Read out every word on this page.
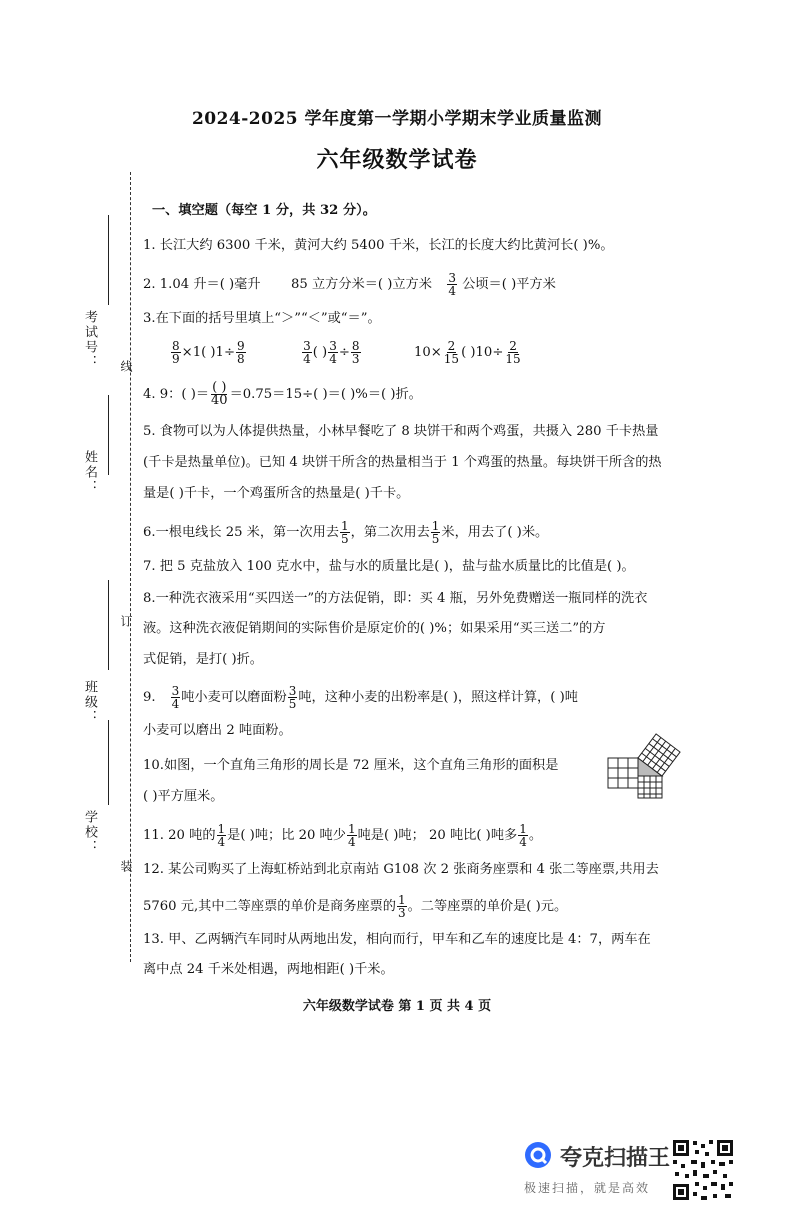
2024-2025 学年度第一学期小学期末学业质量监测
六年级数学试卷
考试号：
姓名：
班级：
学校：
线
订
装
一、填空题（每空 1 分，共 32 分）。
1. 长江大约 6300 千米，黄河大约 5400 千米，长江的长度大约比黄河长( )%。
2. 1.04 升＝( )毫升 85 立方分米＝( )立方米 $\frac{3}{4}$ 公顷＝( )平方米
3.在下面的括号里填上“＞”“＜”或“＝”。
$\frac{8}{9} \times 1$( )$1\div \frac{9}{8}$
	$\frac{3}{4}$ ( ) $\frac{3}{4} \div \frac{8}{3}$	$10\times \frac{2}{15}$ ( )$10\div \frac{2}{15}$
4. 9：( )＝ $\frac{( )}{40} =0.75=15\div$( )＝( )%＝( )折。
5. 食物可以为人体提供热量，小林早餐吃了 8 块饼干和两个鸡蛋，共摄入 280 千卡热量
(千卡是热量单位)。已知 4 块饼干所含的热量相当于 1 个鸡蛋的热量。每块饼干所含的热
量是( )千卡，一个鸡蛋所含的热量是( )千卡。
6.一根电线长 25 米，第一次用去 $\frac{1}{5}$ ，第二次用去 $\frac{1}{5}$ 米，用去了( )米。
7. 把 5 克盐放入 100 克水中，盐与水的质量比是( )，盐与盐水质量比的比值是( )。
8.一种洗衣液采用“买四送一”的方法促销，即：买 4 瓶，另外免费赠送一瓶同样的洗衣
液。这种洗衣液促销期间的实际售价是原定价的( )%；如果采用“买三送二”的方
式促销，是打( )折。
9. $\frac{3}{4}$ 吨小麦可以磨面粉 $\frac{3}{5}$ 吨，这种小麦的出粉率是( )，照这样计算，( )吨
小麦可以磨出 2 吨面粉。
10.如图，一个直角三角形的周长是 72 厘米，这个直角三角形的面积是
( )平方厘米。
11. 20 吨的 $\frac{1}{4}$ 是( )吨；比 20 吨少 $\frac{1}{4}$ 吨是( )吨； 20 吨比( )吨多 $\frac{1}{4}$ 。
12. 某公司购买了上海虹桥站到北京南站 G108 次 2 张商务座票和 4 张二等座票,共用去
5760 元,其中二等座票的单价是商务座票的 $\frac{1}{3}$ 。二等座票的单价是( )元。
13. 甲、乙两辆汽车同时从两地出发，相向而行，甲车和乙车的速度比是 4：7，两车在
离中点 24 千米处相遇，两地相距( )千米。
六年级数学试卷 第 1 页 共 4 页
夸克扫描王
极速扫描，就是高效
